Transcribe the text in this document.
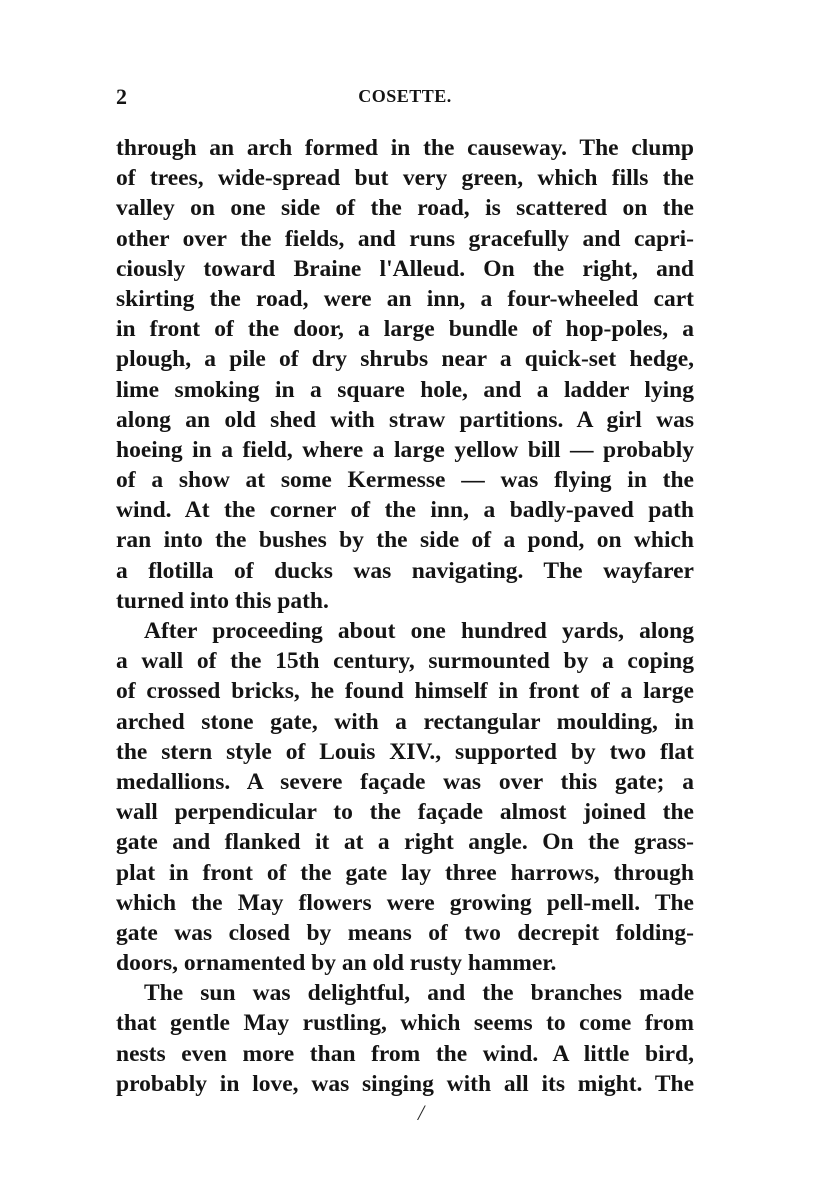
2	COSETTE.
through an arch formed in the causeway. The clump
of trees, wide-spread but very green, which fills the
valley on one side of the road, is scattered on the
other over the fields, and runs gracefully and capri-
ciously toward Braine l'Alleud. On the right, and
skirting the road, were an inn, a four-wheeled cart
in front of the door, a large bundle of hop-poles, a
plough, a pile of dry shrubs near a quick-set hedge,
lime smoking in a square hole, and a ladder lying
along an old shed with straw partitions. A girl was
hoeing in a field, where a large yellow bill — probably
of a show at some Kermesse — was flying in the
wind. At the corner of the inn, a badly-paved path
ran into the bushes by the side of a pond, on which
a flotilla of ducks was navigating. The wayfarer
turned into this path.
After proceeding about one hundred yards, along
a wall of the 15th century, surmounted by a coping
of crossed bricks, he found himself in front of a large
arched stone gate, with a rectangular moulding, in
the stern style of Louis XIV., supported by two flat
medallions. A severe façade was over this gate; a
wall perpendicular to the façade almost joined the
gate and flanked it at a right angle. On the grass-
plat in front of the gate lay three harrows, through
which the May flowers were growing pell-mell. The
gate was closed by means of two decrepit folding-
doors, ornamented by an old rusty hammer.
The sun was delightful, and the branches made
that gentle May rustling, which seems to come from
nests even more than from the wind. A little bird,
probably in love, was singing with all its might. The
/
